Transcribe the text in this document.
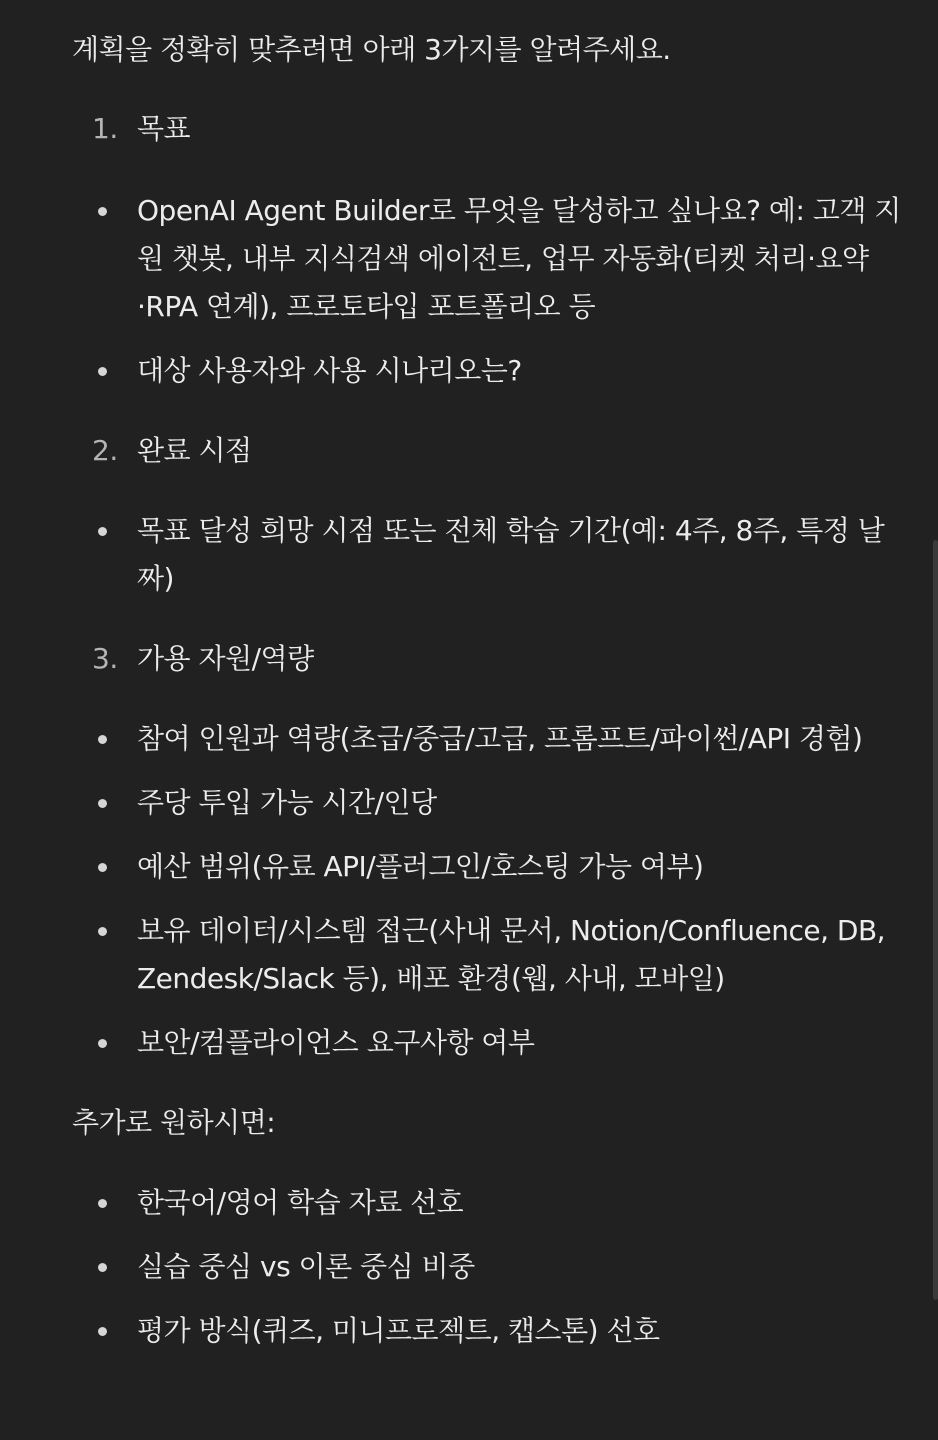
계획을 정확히 맞추려면 아래 3가지를 알려주세요.

1. 목표
OpenAI Agent Builder로 무엇을 달성하고 싶나요? 예: 고객 지원 챗봇, 내부 지식검색 에이전트, 업무 자동화(티켓 처리·요약·RPA 연계), 프로토타입 포트폴리오 등
대상 사용자와 사용 시나리오는?
2. 완료 시점
목표 달성 희망 시점 또는 전체 학습 기간(예: 4주, 8주, 특정 날짜)
3. 가용 자원/역량
참여 인원과 역량(초급/중급/고급, 프롬프트/파이썬/API 경험)
주당 투입 가능 시간/인당
예산 범위(유료 API/플러그인/호스팅 가능 여부)
보유 데이터/시스템 접근(사내 문서, Notion/Confluence, DB, Zendesk/Slack 등), 배포 환경(웹, 사내, 모바일)
보안/컴플라이언스 요구사항 여부

추가로 원하시면:

한국어/영어 학습 자료 선호
실습 중심 vs 이론 중심 비중
평가 방식(퀴즈, 미니프로젝트, 캡스톤) 선호
